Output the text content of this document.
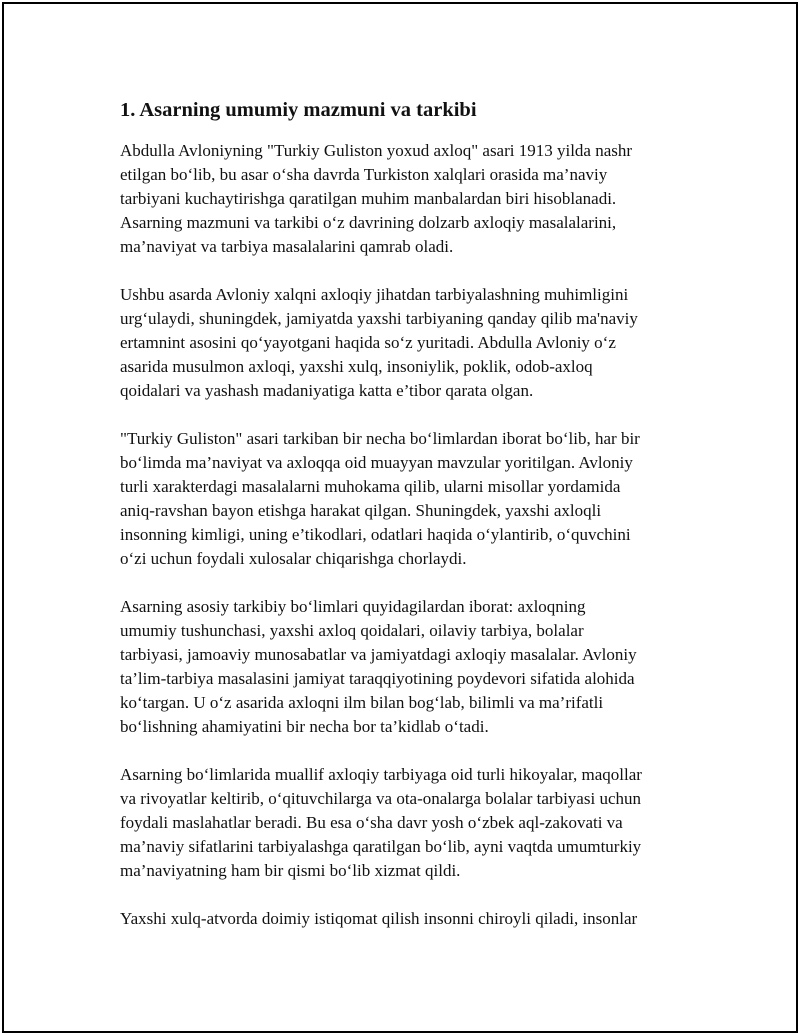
1. Asarning umumiy mazmuni va tarkibi

Abdulla Avloniyning "Turkiy Guliston yoxud axloq" asari 1913 yilda nashr
etilgan bo‘lib, bu asar o‘sha davrda Turkiston xalqlari orasida ma’naviy
tarbiyani kuchaytirishga qaratilgan muhim manbalardan biri hisoblanadi.
Asarning mazmuni va tarkibi o‘z davrining dolzarb axloqiy masalalarini,
ma’naviyat va tarbiya masalalarini qamrab oladi.

Ushbu asarda Avloniy xalqni axloqiy jihatdan tarbiyalashning muhimligini
urg‘ulaydi, shuningdek, jamiyatda yaxshi tarbiyaning qanday qilib ma'naviy
ertamnint asosini qo‘yayotgani haqida so‘z yuritadi. Abdulla Avloniy o‘z
asarida musulmon axloqi, yaxshi xulq, insoniylik, poklik, odob-axloq
qoidalari va yashash madaniyatiga katta e’tibor qarata olgan.

"Turkiy Guliston" asari tarkiban bir necha bo‘limlardan iborat bo‘lib, har bir
bo‘limda ma’naviyat va axloqqa oid muayyan mavzular yoritilgan. Avloniy
turli xarakterdagi masalalarni muhokama qilib, ularni misollar yordamida
aniq-ravshan bayon etishga harakat qilgan. Shuningdek, yaxshi axloqli
insonning kimligi, uning e’tikodlari, odatlari haqida o‘ylantirib, o‘quvchini
o‘zi uchun foydali xulosalar chiqarishga chorlaydi.

Asarning asosiy tarkibiy bo‘limlari quyidagilardan iborat: axloqning
umumiy tushunchasi, yaxshi axloq qoidalari, oilaviy tarbiya, bolalar
tarbiyasi, jamoaviy munosabatlar va jamiyatdagi axloqiy masalalar. Avloniy
ta’lim-tarbiya masalasini jamiyat taraqqiyotining poydevori sifatida alohida
ko‘targan. U o‘z asarida axloqni ilm bilan bog‘lab, bilimli va ma’rifatli
bo‘lishning ahamiyatini bir necha bor ta’kidlab o‘tadi.

Asarning bo‘limlarida muallif axloqiy tarbiyaga oid turli hikoyalar, maqollar
va rivoyatlar keltirib, o‘qituvchilarga va ota-onalarga bolalar tarbiyasi uchun
foydali maslahatlar beradi. Bu esa o‘sha davr yosh o‘zbek aql-zakovati va
ma’naviy sifatlarini tarbiyalashga qaratilgan bo‘lib, ayni vaqtda umumturkiy
ma’naviyatning ham bir qismi bo‘lib xizmat qildi.

Yaxshi xulq-atvorda doimiy istiqomat qilish insonni chiroyli qiladi, insonlar
